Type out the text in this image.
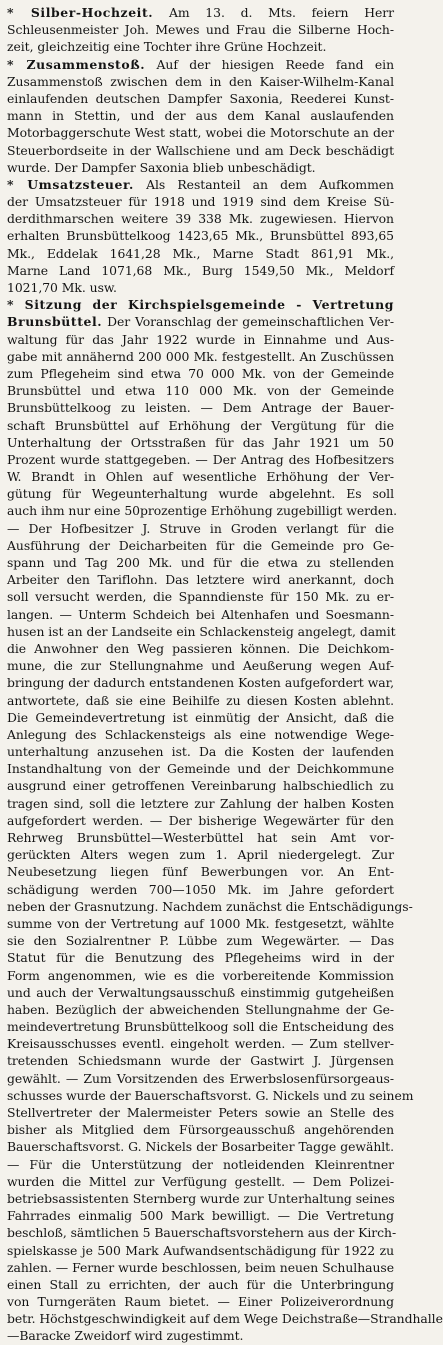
* Silber-Hochzeit. Am 13. d. Mts. feiern Herr
Schleusenmeister Joh. Mewes und Frau die Silberne Hoch-
zeit, gleichzeitig eine Tochter ihre Grüne Hochzeit.
* Zusammenstoß. Auf der hiesigen Reede fand ein
Zusammenstoß zwischen dem in den Kaiser-Wilhelm-Kanal
einlaufenden deutschen Dampfer Saxonia, Reederei Kunst-
mann in Stettin, und der aus dem Kanal auslaufenden
Motorbaggerschute West statt, wobei die Motorschute an der
Steuerbordseite in der Wallschiene und am Deck beschädigt
wurde. Der Dampfer Saxonia blieb unbeschädigt.
* Umsatzsteuer. Als Restanteil an dem Aufkommen
der Umsatzsteuer für 1918 und 1919 sind dem Kreise Sü-
derdithmarschen weitere 39 338 Mk. zugewiesen. Hiervon
erhalten Brunsbüttelkoog 1423,65 Mk., Brunsbüttel 893,65
Mk., Eddelak 1641,28 Mk., Marne Stadt 861,91 Mk.,
Marne Land 1071,68 Mk., Burg 1549,50 Mk., Meldorf
1021,70 Mk. usw.
* Sitzung der Kirchspielsgemeinde - Vertretung
Brunsbüttel. Der Voranschlag der gemeinschaftlichen Ver-
waltung für das Jahr 1922 wurde in Einnahme und Aus-
gabe mit annähernd 200 000 Mk. festgestellt. An Zuschüssen
zum Pflegeheim sind etwa 70 000 Mk. von der Gemeinde
Brunsbüttel und etwa 110 000 Mk. von der Gemeinde
Brunsbüttelkoog zu leisten. — Dem Antrage der Bauer-
schaft Brunsbüttel auf Erhöhung der Vergütung für die
Unterhaltung der Ortsstraßen für das Jahr 1921 um 50
Prozent wurde stattgegeben. — Der Antrag des Hofbesitzers
W. Brandt in Ohlen auf wesentliche Erhöhung der Ver-
gütung für Wegeunterhaltung wurde abgelehnt. Es soll
auch ihm nur eine 50prozentige Erhöhung zugebilligt werden.
— Der Hofbesitzer J. Struve in Groden verlangt für die
Ausführung der Deicharbeiten für die Gemeinde pro Ge-
spann und Tag 200 Mk. und für die etwa zu stellenden
Arbeiter den Tariflohn. Das letztere wird anerkannt, doch
soll versucht werden, die Spanndienste für 150 Mk. zu er-
langen. — Unterm Schdeich bei Altenhafen und Soesmann-
husen ist an der Landseite ein Schlackensteig angelegt, damit
die Anwohner den Weg passieren können. Die Deichkom-
mune, die zur Stellungnahme und Aeußerung wegen Auf-
bringung der dadurch entstandenen Kosten aufgefordert war,
antwortete, daß sie eine Beihilfe zu diesen Kosten ablehnt.
Die Gemeindevertretung ist einmütig der Ansicht, daß die
Anlegung des Schlackensteigs als eine notwendige Wege-
unterhaltung anzusehen ist. Da die Kosten der laufenden
Instandhaltung von der Gemeinde und der Deichkommune
ausgrund einer getroffenen Vereinbarung halbschiedlich zu
tragen sind, soll die letztere zur Zahlung der halben Kosten
aufgefordert werden. — Der bisherige Wegewärter für den
Rehrweg Brunsbüttel—Westerbüttel hat sein Amt vor-
gerückten Alters wegen zum 1. April niedergelegt. Zur
Neubesetzung liegen fünf Bewerbungen vor. An Ent-
schädigung werden 700—1050 Mk. im Jahre gefordert
neben der Grasnutzung. Nachdem zunächst die Entschädigungs-
summe von der Vertretung auf 1000 Mk. festgesetzt, wählte
sie den Sozialrentner P. Lübbe zum Wegewärter. — Das
Statut für die Benutzung des Pflegeheims wird in der
Form angenommen, wie es die vorbereitende Kommission
und auch der Verwaltungsausschuß einstimmig gutgeheißen
haben. Bezüglich der abweichenden Stellungnahme der Ge-
meindevertretung Brunsbüttelkoog soll die Entscheidung des
Kreisausschusses eventl. eingeholt werden. — Zum stellver-
tretenden Schiedsmann wurde der Gastwirt J. Jürgensen
gewählt. — Zum Vorsitzenden des Erwerbslosenfürsorgeaus-
schusses wurde der Bauerschaftsvorst. G. Nickels und zu seinem
Stellvertreter der Malermeister Peters sowie an Stelle des
bisher als Mitglied dem Fürsorgeausschuß angehörenden
Bauerschaftsvorst. G. Nickels der Bosarbeiter Tagge gewählt.
— Für die Unterstützung der notleidenden Kleinrentner
wurden die Mittel zur Verfügung gestellt. — Dem Polizei-
betriebsassistenten Sternberg wurde zur Unterhaltung seines
Fahrrades einmalig 500 Mark bewilligt. — Die Vertretung
beschloß, sämtlichen 5 Bauerschaftsvorstehern aus der Kirch-
spielskasse je 500 Mark Aufwandsentschädigung für 1922 zu
zahlen. — Ferner wurde beschlossen, beim neuen Schulhause
einen Stall zu errichten, der auch für die Unterbringung
von Turngeräten Raum bietet. — Einer Polizeiverordnung
betr. Höchstgeschwindigkeit auf dem Wege Deichstraße—Strandhalle
—Baracke Zweidorf wird zugestimmt.
